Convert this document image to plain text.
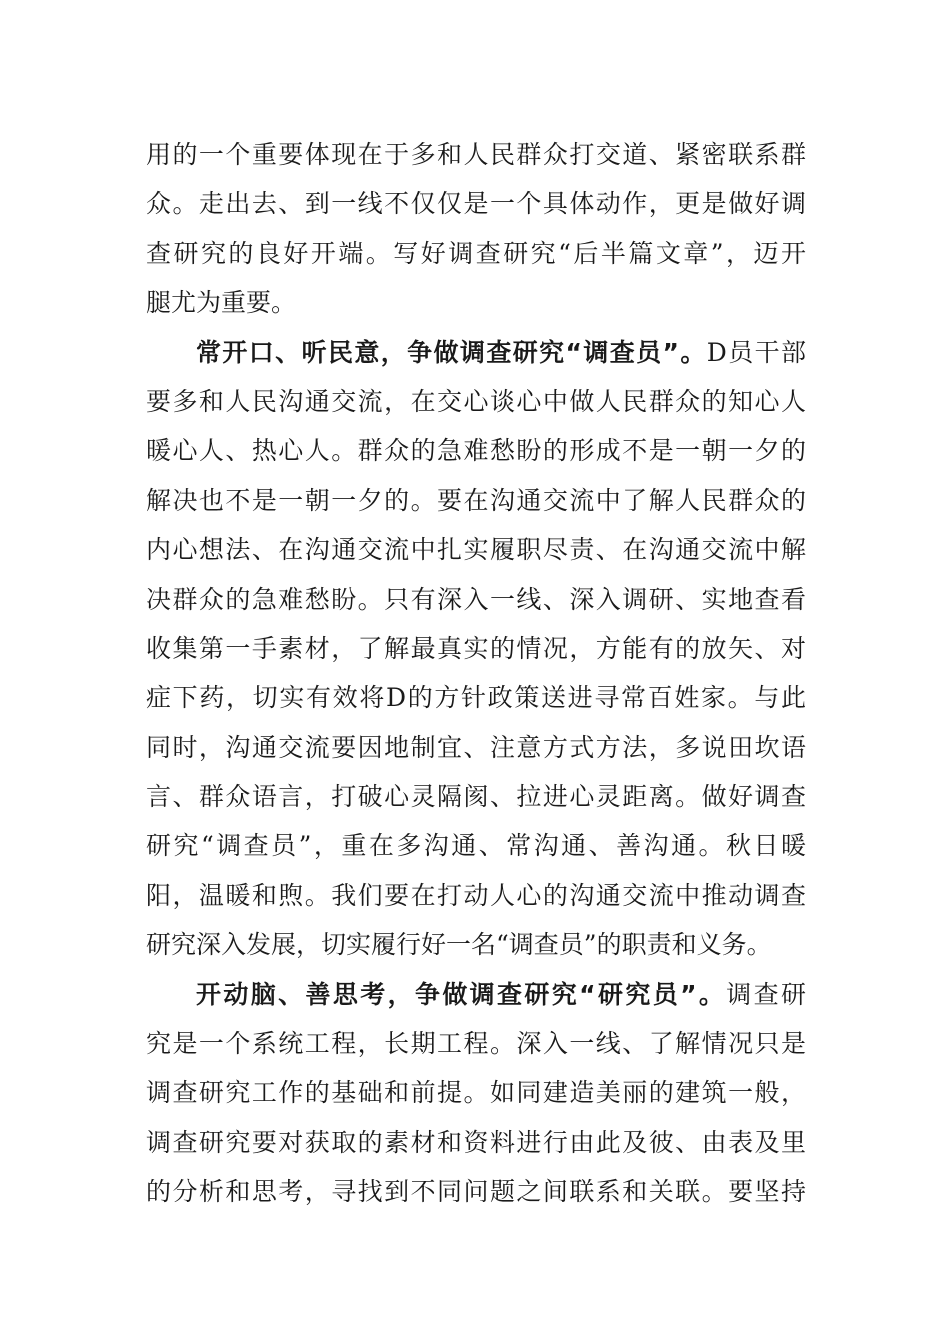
用的一个重要体现在于多和人民群众打交道、紧密联系群
众。走出去、到一线不仅仅是一个具体动作，更是做好调
查研究的良好开端。写好调查研究“后半篇文章”，迈开
腿尤为重要。
常开口、听民意，争做调查研究“调查员”。D员干部
要多和人民沟通交流，在交心谈心中做人民群众的知心人
暖心人、热心人。群众的急难愁盼的形成不是一朝一夕的
解决也不是一朝一夕的。要在沟通交流中了解人民群众的
内心想法、在沟通交流中扎实履职尽责、在沟通交流中解
决群众的急难愁盼。只有深入一线、深入调研、实地查看
收集第一手素材，了解最真实的情况，方能有的放矢、对
症下药，切实有效将D的方针政策送进寻常百姓家。与此
同时，沟通交流要因地制宜、注意方式方法，多说田坎语
言、群众语言，打破心灵隔阂、拉进心灵距离。做好调查
研究“调查员”，重在多沟通、常沟通、善沟通。秋日暖
阳，温暖和煦。我们要在打动人心的沟通交流中推动调查
研究深入发展，切实履行好一名“调查员”的职责和义务。
开动脑、善思考，争做调查研究“研究员”。调查研
究是一个系统工程，长期工程。深入一线、了解情况只是
调查研究工作的基础和前提。如同建造美丽的建筑一般，
调查研究要对获取的素材和资料进行由此及彼、由表及里
的分析和思考，寻找到不同问题之间联系和关联。要坚持
